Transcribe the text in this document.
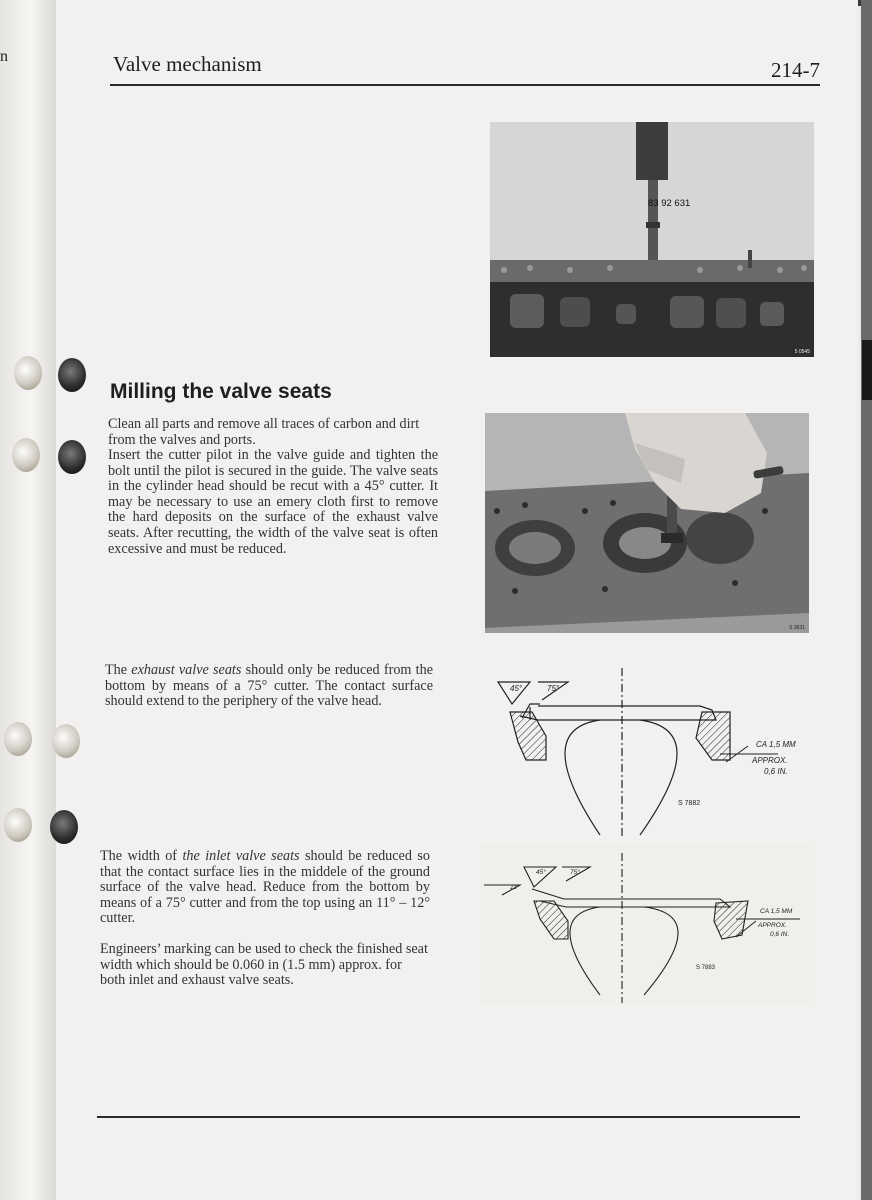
n	Valve mechanism	214-7
Milling the valve seats

Clean all parts and remove all traces of carbon and dirt from the valves and ports.

Insert the cutter pilot in the valve guide and tighten the bolt until the pilot is secured in the guide. The valve seats in the cylinder head should be recut with a 45° cutter. It may be necessary to use an emery cloth first to remove the hard deposits on the surface of the exhaust valve seats. After recutting, the width of the valve seat is often excessive and must be reduced.

The exhaust valve seats should only be reduced from the bottom by means of a 75° cutter. The contact surface should extend to the periphery of the valve head.

The width of the inlet valve seats should be reduced so that the contact surface lies in the middele of the ground surface of the valve head. Reduce from the bottom by means of a 75° cutter and from the top using an 11° – 12° cutter.

Engineers’ marking can be used to check the finished seat width which should be 0.060 in (1.5 mm) approx. for both inlet and exhaust valve seats.

83 92 631
5 0545
S 3631
45°	75°
CA 1,5 MM
APPROX.
0,6 IN.
S 7882
45°	75°
11°
CA 1,5 MM
APPROX.
0,6 IN.
S 7883
